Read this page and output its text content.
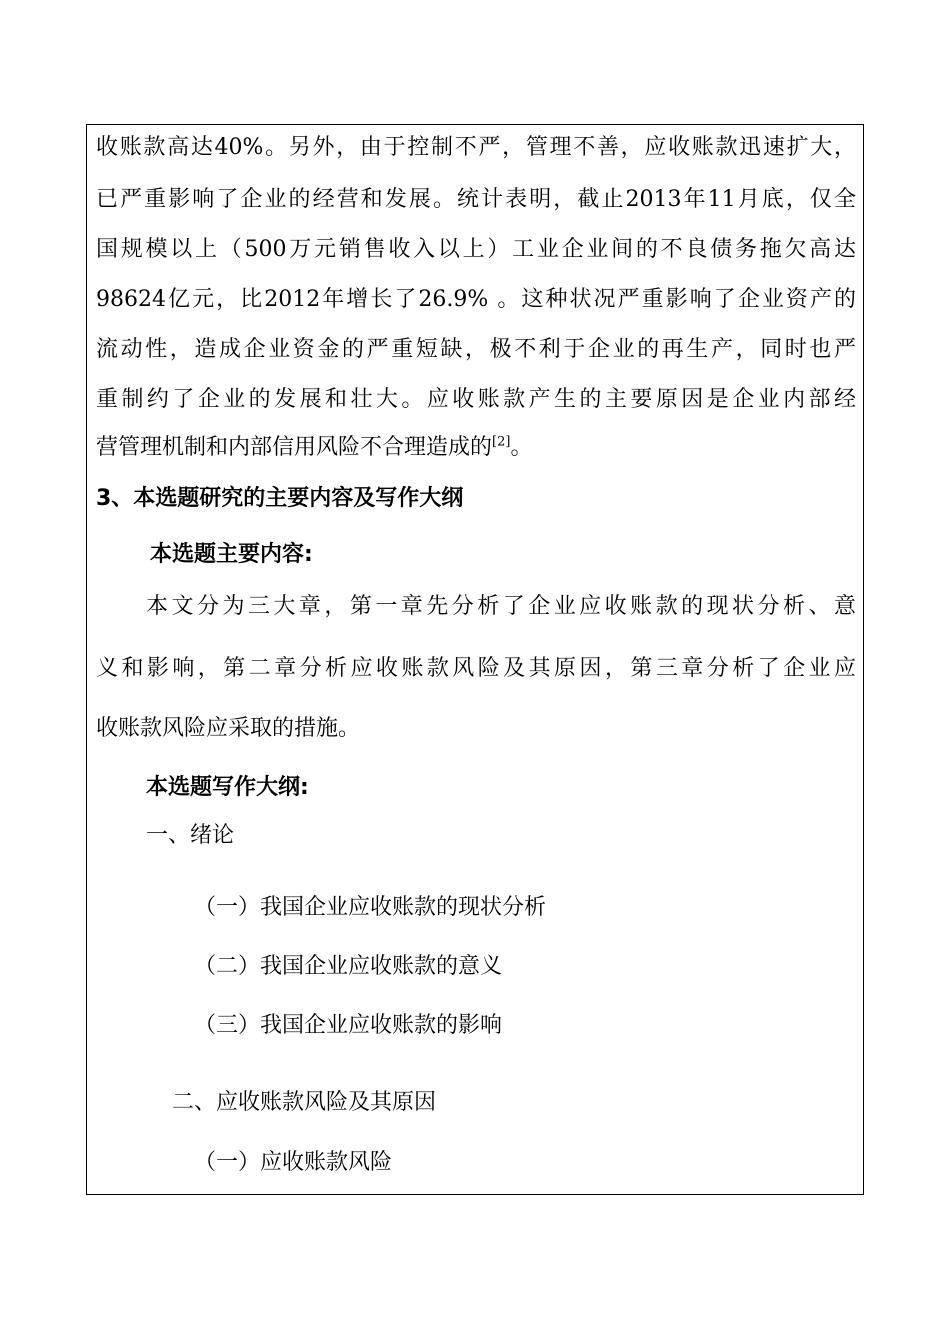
收账款高达40%。另外，由于控制不严，管理不善，应收账款迅速扩大，
已严重影响了企业的经营和发展。统计表明，截止2013年11月底，仅全
国规模以上（500万元销售收入以上）工业企业间的不良债务拖欠高达
98624亿元，比2012年增长了26.9% 。这种状况严重影响了企业资产的
流动性，造成企业资金的严重短缺，极不利于企业的再生产，同时也严
重制约了企业的发展和壮大。应收账款产生的主要原因是企业内部经
营管理机制和内部信用风险不合理造成的[2]。
3、本选题研究的主要内容及写作大纲
本选题主要内容:
本文分为三大章，第一章先分析了企业应收账款的现状分析、意
义和影响，第二章分析应收账款风险及其原因，第三章分析了企业应
收账款风险应采取的措施。
本选题写作大纲:
一、绪论
（一）我国企业应收账款的现状分析
（二）我国企业应收账款的意义
（三）我国企业应收账款的影响
二、应收账款风险及其原因
（一）应收账款风险
